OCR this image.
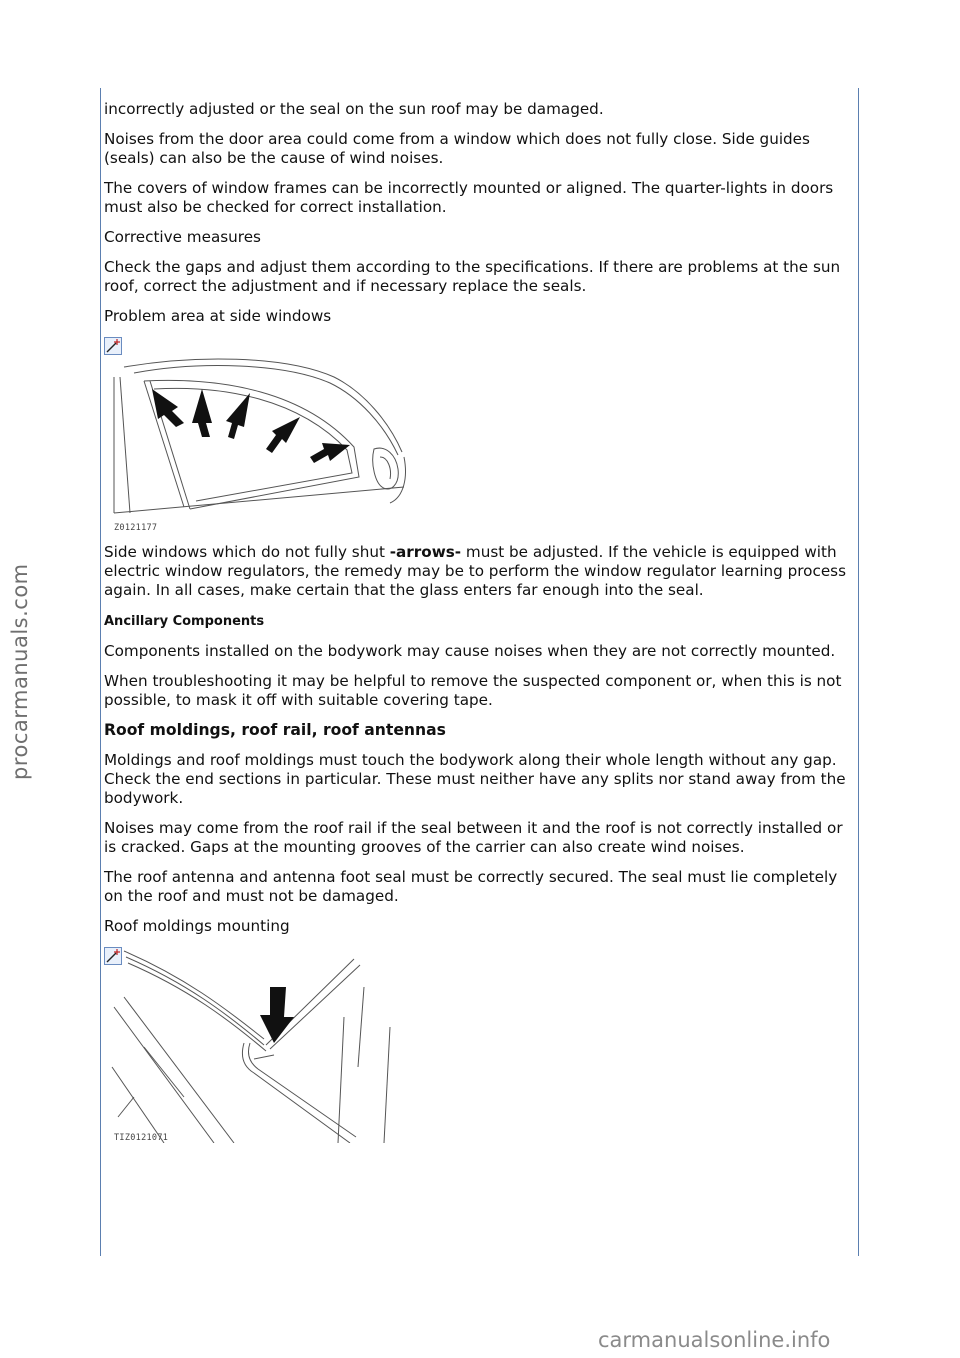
incorrectly adjusted or the seal on the sun roof may be damaged.

Noises from the door area could come from a window which does not fully close. Side guides (seals) can also be the cause of wind noises.

The covers of window frames can be incorrectly mounted or aligned. The quarter-lights in doors must also be checked for correct installation.

Corrective measures

Check the gaps and adjust them according to the specifications. If there are problems at the sun roof, correct the adjustment and if necessary replace the seals.

Problem area at side windows

Z0121177

Side windows which do not fully shut -arrows- must be adjusted. If the vehicle is equipped with electric window regulators, the remedy may be to perform the window regulator learning process again. In all cases, make certain that the glass enters far enough into the seal.

Ancillary Components

Components installed on the bodywork may cause noises when they are not correctly mounted.

When troubleshooting it may be helpful to remove the suspected component or, when this is not possible, to mask it off with suitable covering tape.

Roof moldings, roof rail, roof antennas

Moldings and roof moldings must touch the bodywork along their whole length without any gap. Check the end sections in particular. These must neither have any splits nor stand away from the bodywork.

Noises may come from the roof rail if the seal between it and the roof is not correctly installed or is cracked. Gaps at the mounting grooves of the carrier can also create wind noises.

The roof antenna and antenna foot seal must be correctly secured. The seal must lie completely on the roof and must not be damaged.

Roof moldings mounting

TIZ0121071
procarmanuals.com
carmanualsonline.info
